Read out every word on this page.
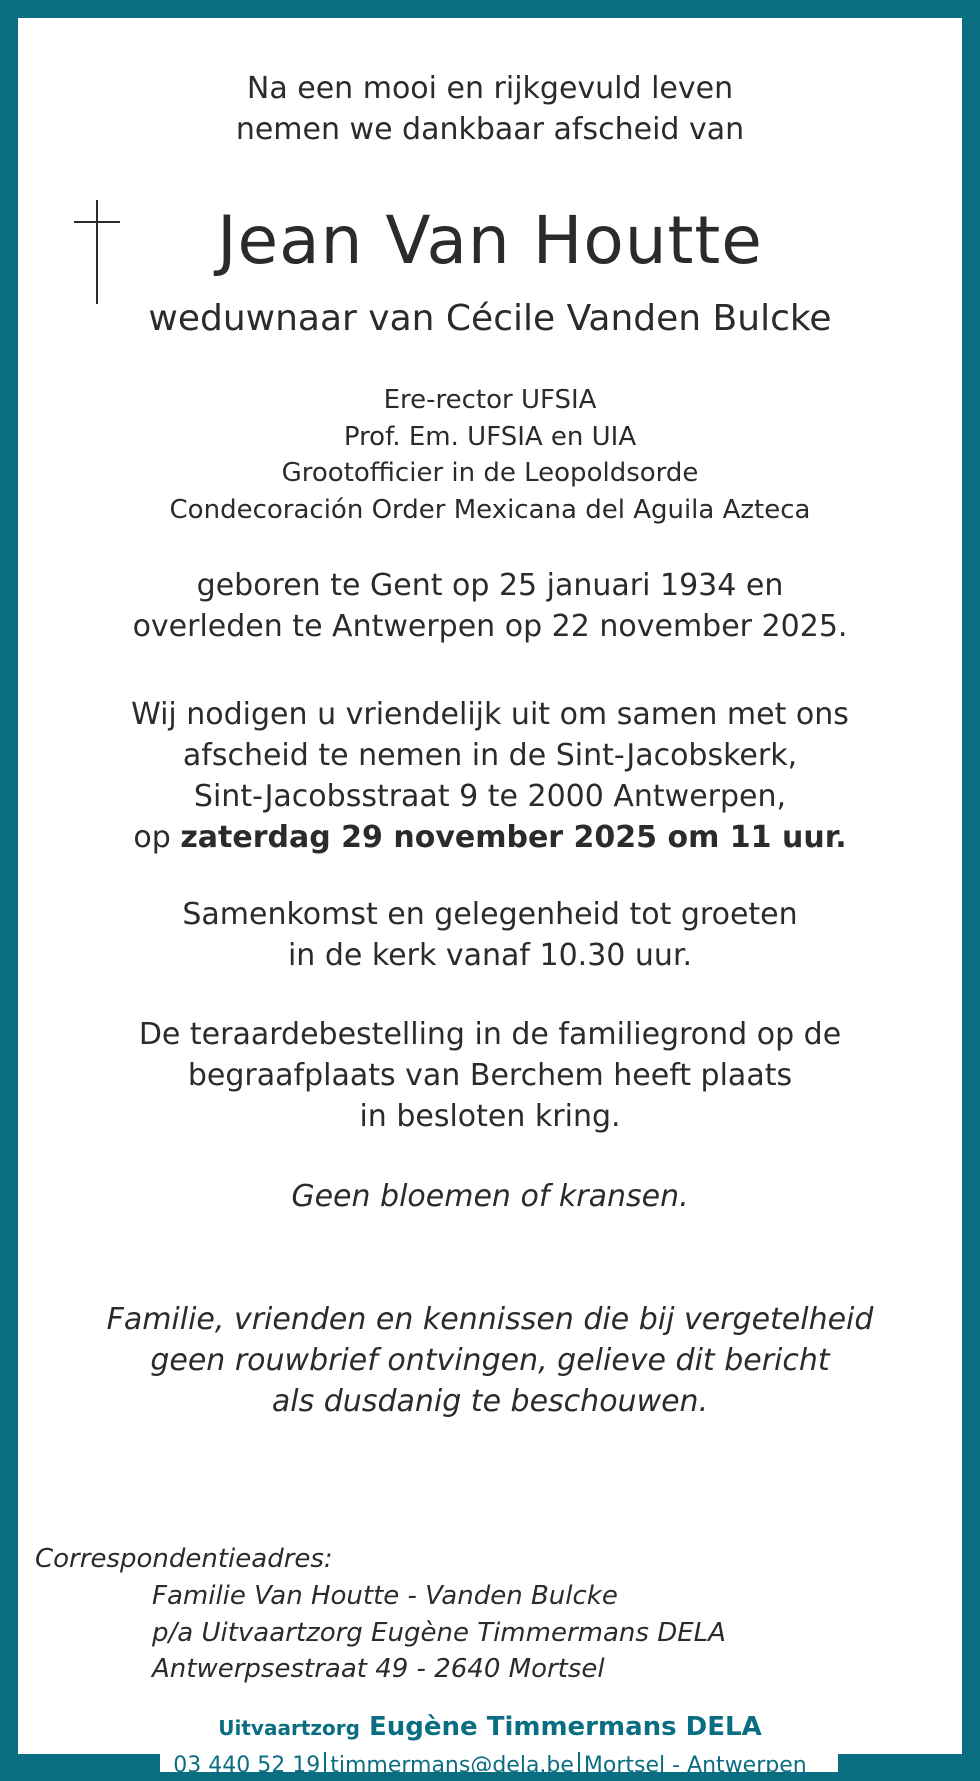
Na een mooi en rijkgevuld leven

nemen we dankbaar afscheid van

Jean Van Houtte
weduwnaar van Cécile Vanden Bulcke

Ere-rector UFSIA

Prof. Em. UFSIA en UIA

Grootofficier in de Leopoldsorde

Condecoración Order Mexicana del Aguila Azteca

geboren te Gent op 25 januari 1934 en

overleden te Antwerpen op 22 november 2025.

Wij nodigen u vriendelijk uit om samen met ons

afscheid te nemen in de Sint-Jacobskerk,

Sint-Jacobsstraat 9 te 2000 Antwerpen,

op zaterdag 29 november 2025 om 11 uur.

Samenkomst en gelegenheid tot groeten

in de kerk vanaf 10.30 uur.

De teraardebestelling in de familiegrond op de

begraafplaats van Berchem heeft plaats

in besloten kring.

Geen bloemen of kransen.

Familie, vrienden en kennissen die bij vergetelheid

geen rouwbrief ontvingen, gelieve dit bericht

als dusdanig te beschouwen.

Correspondentieadres:

Familie Van Houtte - Vanden Bulcke

p/a Uitvaartzorg Eugène Timmermans DELA

Antwerpsestraat 49 - 2640 Mortsel

Uitvaartzorg Eugène Timmermans DELA
03 440 52 19 timmermans@dela.be Mortsel - Antwerpen
